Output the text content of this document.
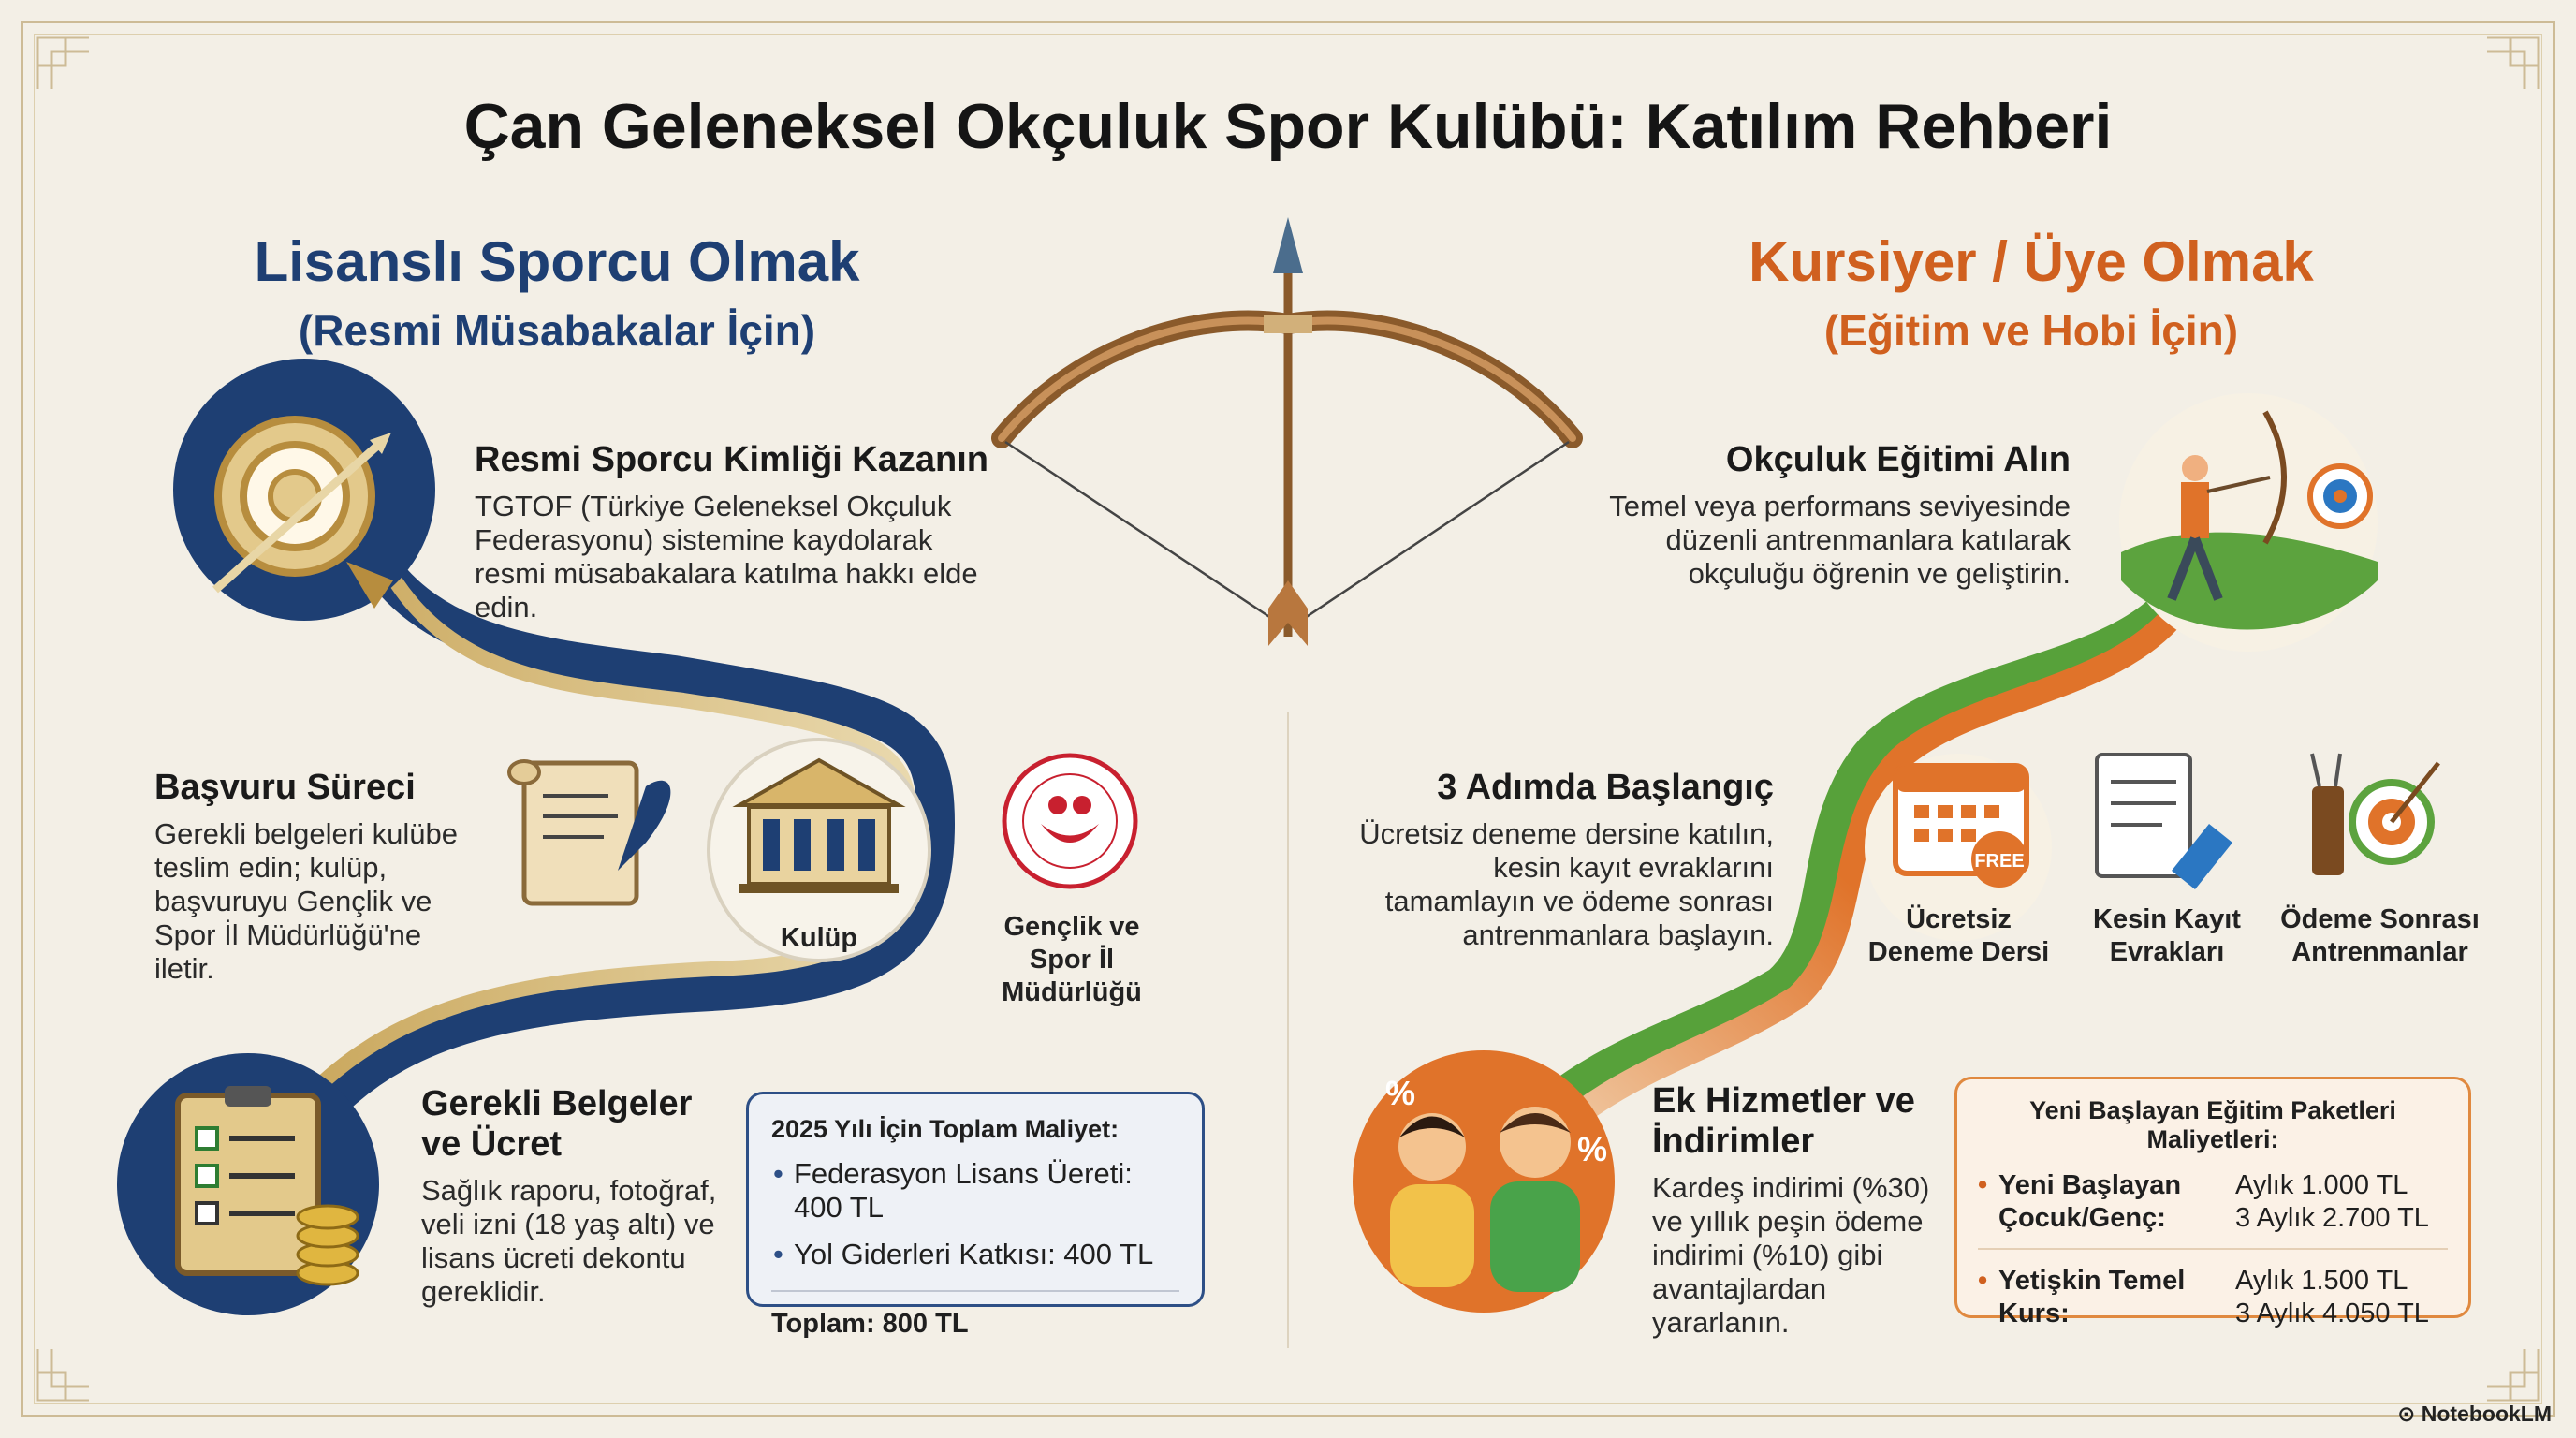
FREE
%
%
Çan Geleneksel Okçuluk Spor Kulübü: Katılım Rehberi
Lisanslı Sporcu Olmak
(Resmi Müsabakalar İçin)
Kursiyer / Üye Olmak
(Eğitim ve Hobi İçin)
Resmi Sporcu Kimliği Kazanın
TGTOF (Türkiye Geleneksel Okçuluk Federasyonu) sistemine kaydolarak resmi müsabakalara katılma hakkı elde edin.
Başvuru Süreci
Gerekli belgeleri kulübe teslim edin; kulüp, başvuruyu Gençlik ve Spor İl Müdürlüğü'ne iletir.
Gerekli Belgeler ve Ücret
Sağlık raporu, fotoğraf, veli izni (18 yaş altı) ve lisans ücreti dekontu gereklidir.
Kulüp	Gençlik ve Spor İl Müdürlüğü
2025 Yılı İçin Toplam Maliyet:
• Federasyon Lisans Üereti: 400 TL
• Yol Giderleri Katkısı: 400 TL
Toplam: 800 TL
Okçuluk Eğitimi Alın
Temel veya performans seviyesinde düzenli antrenmanlara katılarak okçuluğu öğrenin ve geliştirin.
3 Adımda Başlangıç
Ücretsiz deneme dersine katılın, kesin kayıt evraklarını tamamlayın ve ödeme sonrası antrenmanlara başlayın.
Ek Hizmetler ve İndirimler
Kardeş indirimi (%30) ve yıllık peşin ödeme indirimi (%10) gibi avantajlardan yararlanın.
Ücretsiz Deneme Dersi
Kesin Kayıt Evrakları
Ödeme Sonrası Antrenmanlar
Yeni Başlayan Eğitim Paketleri Maliyetleri:
• Yeni Başlayan Çocuk/Genç:
Aylık 1.000 TL
3 Aylık 2.700 TL
• Yetişkin Temel Kurs:
Aylık 1.500 TL
3 Aylık 4.050 TL
⊙ NotebookLM
